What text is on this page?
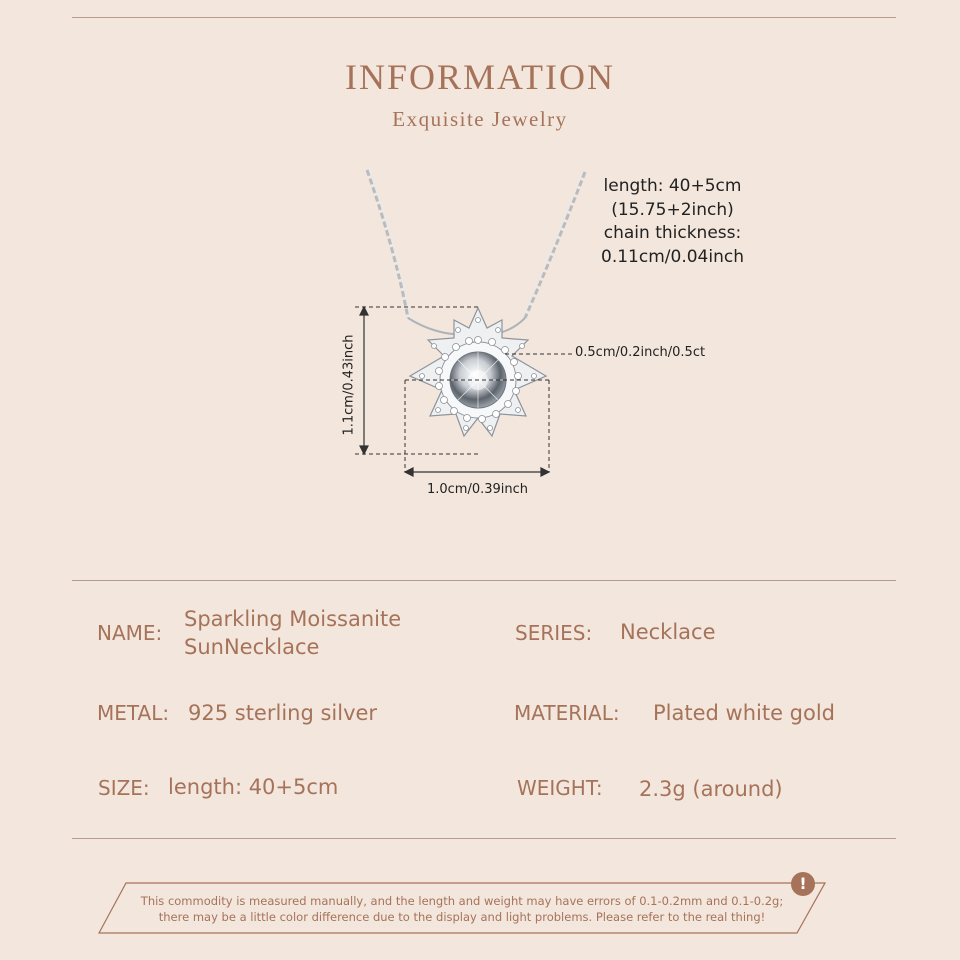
INFORMATION
Exquisite Jewelry
length: 40+5cm
(15.75+2inch)
chain thickness:
0.11cm/0.04inch
0.5cm/0.2inch/0.5ct
1.1cm/0.43inch
1.0cm/0.39inch
NAME:
Sparkling Moissanite
SunNecklace
SERIES: Necklace
METAL: 925 sterling silver	MATERIAL: Plated white gold
SIZE: length: 40+5cm	WEIGHT: 2.3g (around)
This commodity is measured manually, and the length and weight may have errors of 0.1-0.2mm and 0.1-0.2g;
there may be a little color difference due to the display and light problems. Please refer to the real thing!
!
